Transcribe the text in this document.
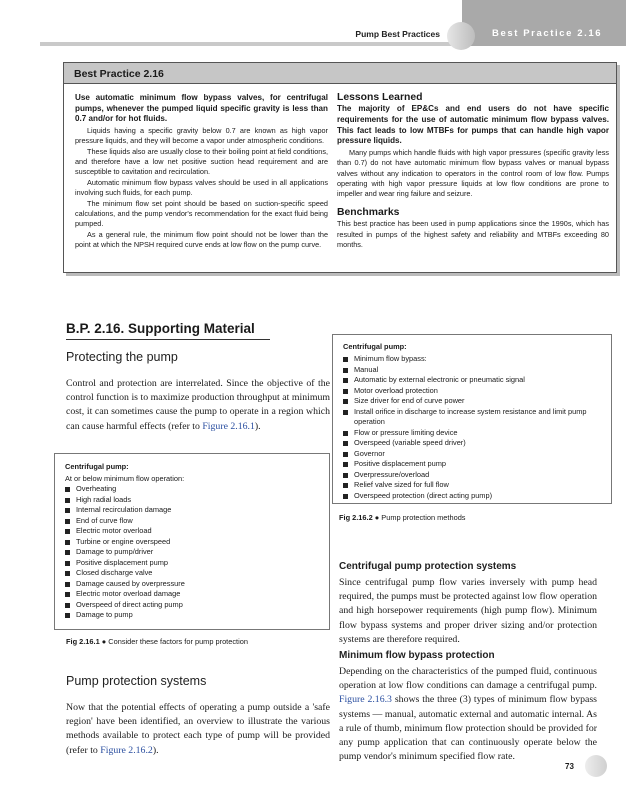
Pump Best Practices	Best Practice 2.16
Best Practice 2.16

Use automatic minimum flow bypass valves, for centrifugal pumps, whenever the pumped liquid specific gravity is less than 0.7 and/or for hot fluids.

Liquids having a specific gravity below 0.7 are known as high vapor pressure liquids, and they will become a vapor under atmospheric conditions.

These liquids also are usually close to their boiling point at field conditions, and therefore have a low net positive suction head requirement and are susceptible to cavitation and recirculation.

Automatic minimum flow bypass valves should be used in all applications involving such fluids, for each pump.

The minimum flow set point should be based on suction-specific speed calculations, and the pump vendor's recommendation for the exact fluid being pumped.

As a general rule, the minimum flow point should not be lower than the point at which the NPSH required curve ends at low flow on the pump curve.

Lessons Learned

The majority of EP&Cs and end users do not have specific requirements for the use of automatic minimum flow bypass valves. This fact leads to low MTBFs for pumps that can handle high vapor pressure liquids.

Many pumps which handle fluids with high vapor pressures (specific gravity less than 0.7) do not have automatic minimum flow bypass valves or manual bypass valves without any indication to operators in the control room of low flow. Pumps operating with high vapor pressure liquids at low flow conditions are prone to impeller and wear ring failure and seizure.

Benchmarks

This best practice has been used in pump applications since the 1990s, which has resulted in pumps of the highest safety and reliability and MTBFs exceeding 80 months.

B.P. 2.16. Supporting Material
Protecting the pump

Control and protection are interrelated. Since the objective of the control function is to maximize production throughput at minimum cost, it can sometimes cause the pump to operate in a region which can cause harmful effects (refer to Figure 2.16.1).

Centrifugal pump:
At or below minimum flow operation:
Overheating
High radial loads
Internal recirculation damage
End of curve flow
Electric motor overload
Turbine or engine overspeed
Damage to pump/driver
Positive displacement pump
Closed discharge valve
Damage caused by overpressure
Electric motor overload damage
Overspeed of direct acting pump
Damage to pump
Fig 2.16.1 ● Consider these factors for pump protection
Pump protection systems

Now that the potential effects of operating a pump outside a 'safe region' have been identified, an overview to illustrate the various methods available to protect each type of pump will be provided (refer to Figure 2.16.2).

Centrifugal pump:
Minimum flow bypass:
Manual
Automatic by external electronic or pneumatic signal
Motor overload protection
Size driver for end of curve power
Install orifice in discharge to increase system resistance and limit pump operation
Flow or pressure limiting device
Overspeed (variable speed driver)
Governor
Positive displacement pump
Overpressure/overload
Relief valve sized for full flow
Overspeed protection (direct acting pump)
Fig 2.16.2 ● Pump protection methods
Centrifugal pump protection systems

Since centrifugal pump flow varies inversely with pump head required, the pumps must be protected against low flow operation and high horsepower requirements (high pump flow). Minimum flow bypass systems and proper driver sizing and/or protection systems are therefore required.

Minimum flow bypass protection

Depending on the characteristics of the pumped fluid, continuous operation at low flow conditions can damage a centrifugal pump. Figure 2.16.3 shows the three (3) types of minimum flow bypass systems — manual, automatic external and automatic internal. As a rule of thumb, minimum flow protection should be provided for any pump application that can continuously operate below the pump vendor's minimum specified flow rate.

73
